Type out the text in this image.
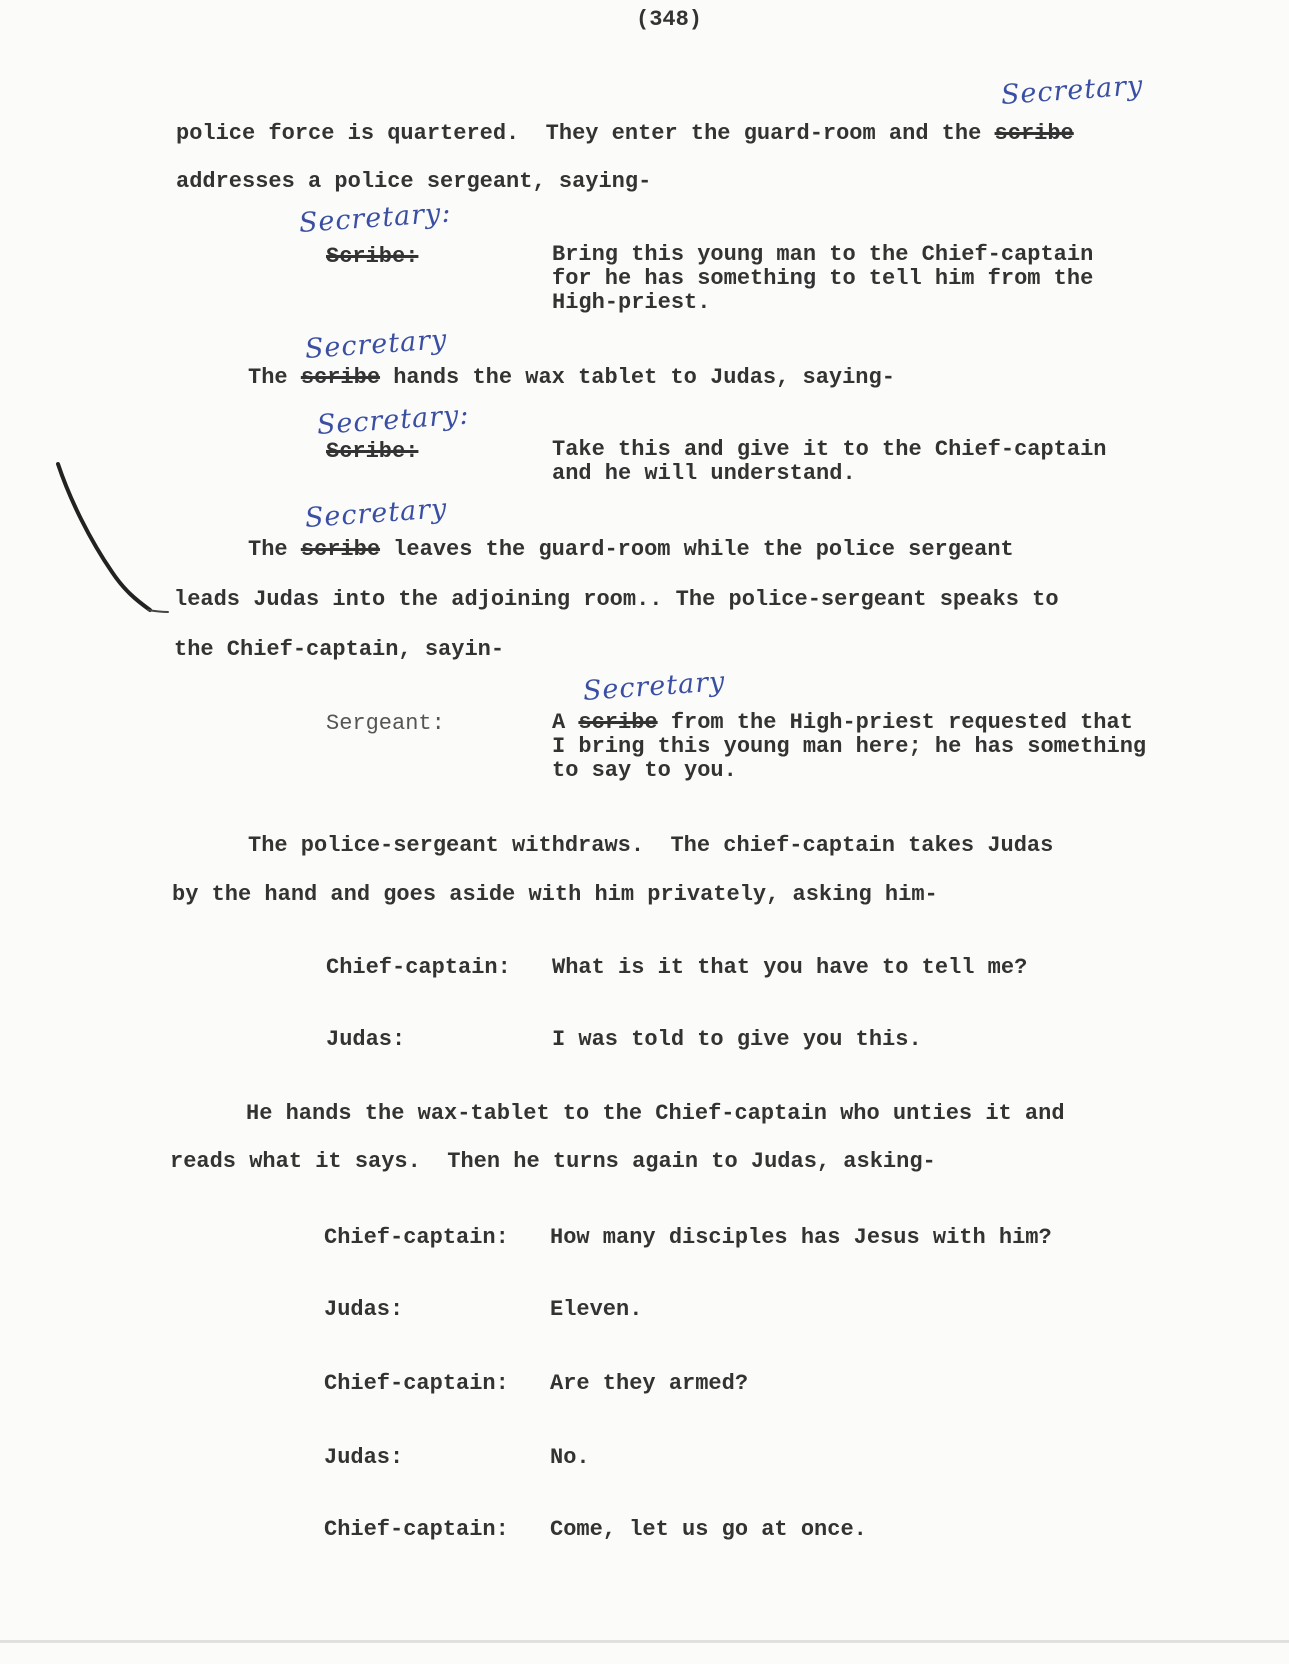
(348)
Secretary
police force is quartered.  They enter the guard-room and the scribe
addresses a police sergeant, saying-
Secretary:
Scribe:	Bring this young man to the Chief-captain
for he has something to tell him from the
High-priest.
Secretary
The scribe hands the wax tablet to Judas, saying-
Secretary:
Scribe:	Take this and give it to the Chief-captain
and he will understand.
Secretary
The scribe leaves the guard-room while the police sergeant
leads Judas into the adjoining room.. The police-sergeant speaks to
the Chief-captain, sayin-
Secretary
Sergeant:	A scribe from the High-priest requested that
I bring this young man here; he has something
to say to you.
The police-sergeant withdraws.  The chief-captain takes Judas
by the hand and goes aside with him privately, asking him-
Chief-captain: What is it that you have to tell me?
Judas:	I was told to give you this.
He hands the wax-tablet to the Chief-captain who unties it and
reads what it says.  Then he turns again to Judas, asking-
Chief-captain: How many disciples has Jesus with him?
Judas:	Eleven.
Chief-captain: Are they armed?
Judas:	No.
Chief-captain: Come, let us go at once.
